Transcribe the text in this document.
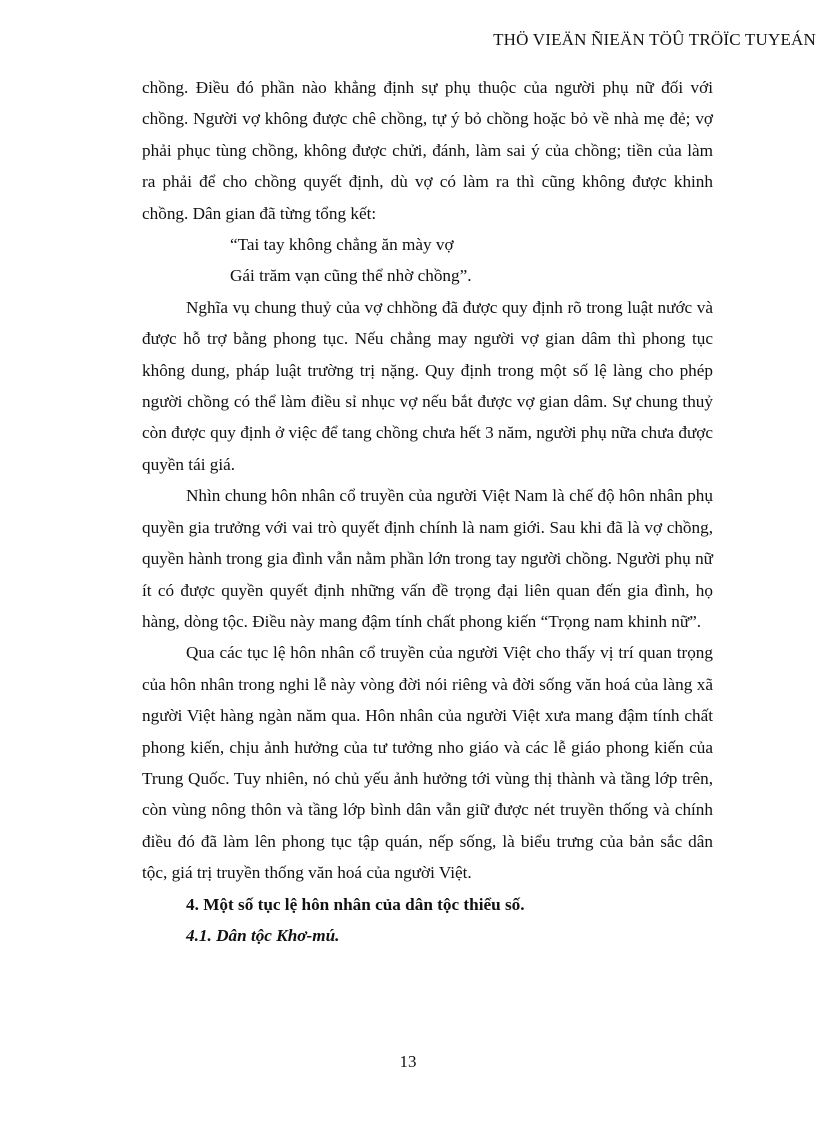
THÖ VIEÄN ÑIEÄN TÖÛ TRÖÏC TUYEÁN

chồng. Điều đó phần nào khẳng định sự phụ thuộc của người phụ nữ đối với chồng. Người vợ không được chê chồng, tự ý bỏ chồng hoặc bỏ về nhà mẹ đẻ; vợ phải phục tùng chồng, không được chửi, đánh, làm sai ý của chồng; tiền của làm ra phải để cho chồng quyết định, dù vợ có làm ra thì cũng không được khinh chồng. Dân gian đã từng tổng kết:

“Tai tay không chẳng ăn mày vợ

Gái trăm vạn cũng thể nhờ chồng”.

Nghĩa vụ chung thuỷ của vợ chhồng đã được quy định rõ trong luật nước và được hỗ trợ bằng phong tục. Nếu chẳng may người vợ gian dâm thì phong tục không dung, pháp luật trường trị nặng. Quy định trong một số lệ làng cho phép người chồng có thể làm điều sỉ nhục vợ nếu bắt được vợ gian dâm. Sự chung thuỷ còn được quy định ở việc để tang chồng chưa hết 3 năm, người phụ nữa chưa được quyền tái giá.

Nhìn chung hôn nhân cổ truyền của người Việt Nam là chế độ hôn nhân phụ quyền gia trưởng với vai trò quyết định chính là nam giới. Sau khi đã là vợ chồng, quyền hành trong gia đình vẫn nằm phần lớn trong tay người chồng. Người phụ nữ ít có được quyền quyết định những vấn đề trọng đại liên quan đến gia đình, họ hàng, dòng tộc. Điều này mang đậm tính chất phong kiến “Trọng nam khinh nữ”.

Qua các tục lệ hôn nhân cổ truyền của người Việt cho thấy vị trí quan trọng của hôn nhân trong nghi lễ này vòng đời nói riêng và đời sống văn hoá của làng xã người Việt hàng ngàn năm qua. Hôn nhân của người Việt xưa mang đậm tính chất phong kiến, chịu ảnh hưởng của tư tưởng nho giáo và các lễ giáo phong kiến của Trung Quốc. Tuy nhiên, nó chủ yếu ảnh hưởng tới vùng thị thành và tầng lớp trên, còn vùng nông thôn và tầng lớp bình dân vẫn giữ được nét truyền thống và chính điều đó đã làm lên phong tục tập quán, nếp sống, là biểu trưng của bản sắc dân tộc, giá trị truyền thống văn hoá của người Việt.

4. Một số tục lệ hôn nhân của dân tộc thiểu số.

4.1. Dân tộc Khơ-mú.

13
